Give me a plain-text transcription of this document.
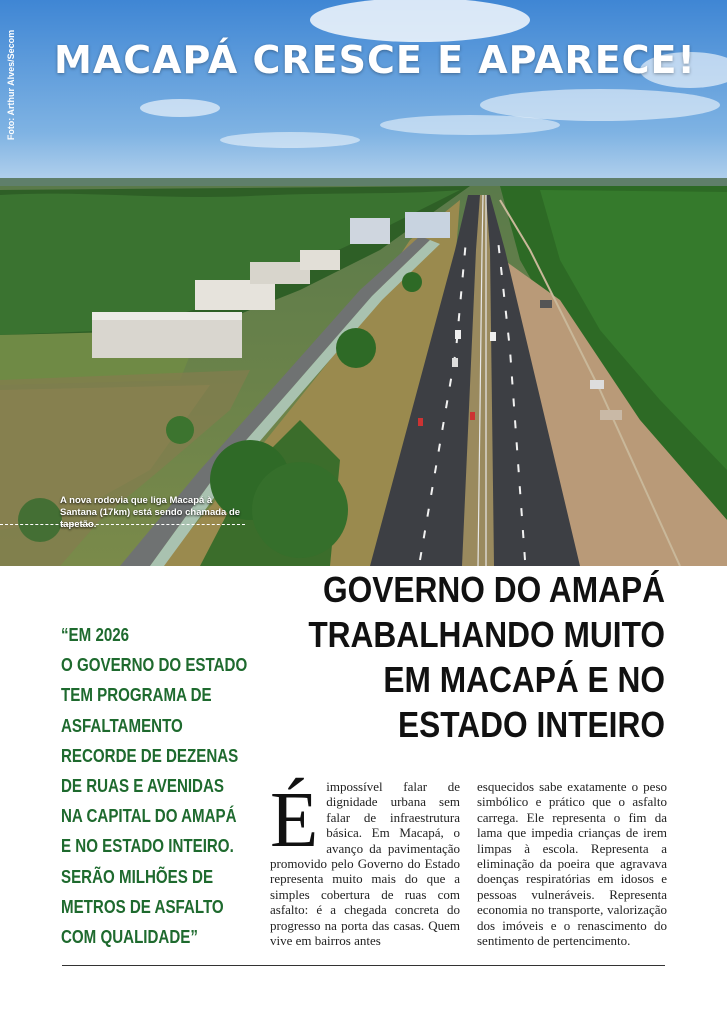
Foto: Arthur Alves/Secom MACAPÁ CRESCE E APARECE!
A nova rodovia que liga Macapá à Santana (17km) está sendo chamada de tapetão.
GOVERNO DO AMAPÁ
TRABALHANDO MUITO
EM MACAPÁ E NO
ESTADO INTEIRO
“EM 2026
O GOVERNO DO ESTADO
TEM PROGRAMA DE
ASFALTAMENTO
RECORDE DE DEZENAS
DE RUAS E AVENIDAS
NA CAPITAL DO AMAPÁ
E NO ESTADO INTEIRO.
SERÃO MILHÕES DE
METROS DE ASFALTO
COM QUALIDADE”
É impossível falar de dignidade urbana sem falar de infraestrutura básica. Em Macapá, o avanço da pavimentação promovido pelo Governo do Estado representa muito mais do que a simples cobertura de ruas com asfalto: é a chegada concreta do progresso na porta das casas. Quem vive em bairros antes
esquecidos sabe exatamente o peso simbólico e prático que o asfalto carrega. Ele representa o fim da lama que impedia crianças de irem limpas à escola. Representa a eliminação da poeira que agravava doenças respiratórias em idosos e pessoas vulneráveis. Representa economia no transporte, valorização dos imóveis e o renascimento do sentimento de pertencimento.
